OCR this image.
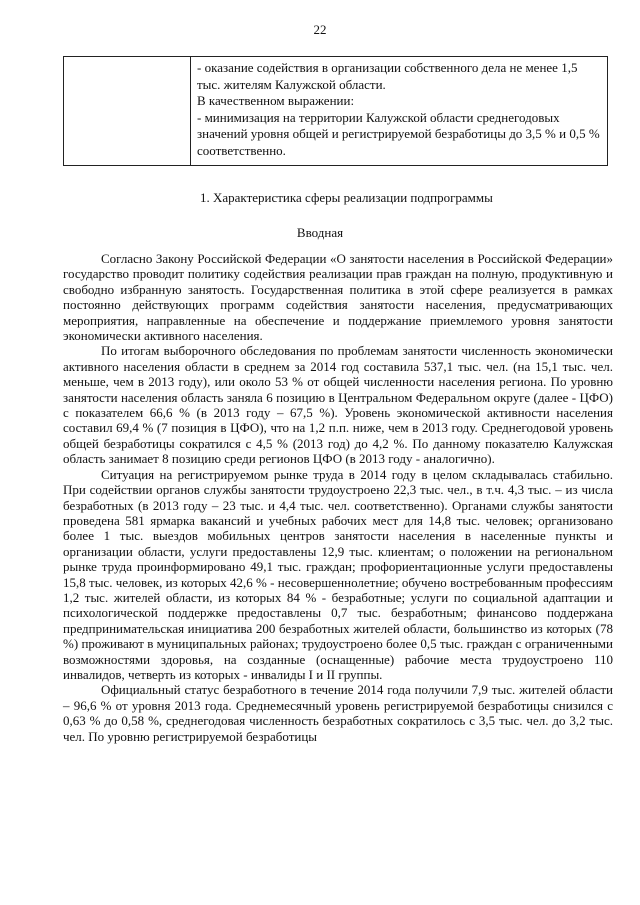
22

- оказание содействия в организации собственного дела не менее 1,5 тыс. жителям Калужской области.
В качественном выражении:
- минимизация на территории Калужской области среднегодовых значений уровня общей и регистрируемой безработицы до 3,5 % и 0,5 % соответственно.
1. Характеристика сферы реализации подпрограммы
Вводная

Согласно Закону Российской Федерации «О занятости населения в Российской Федерации» государство проводит политику содействия реализации прав граждан на полную, продуктивную и свободно избранную занятость. Государственная политика в этой сфере реализуется в рамках постоянно действующих программ содействия занятости населения, предусматривающих мероприятия, направленные на обеспечение и поддержание приемлемого уровня занятости экономически активного населения.

По итогам выборочного обследования по проблемам занятости численность экономически активного населения области в среднем за 2014 год составила 537,1 тыс. чел. (на 15,1 тыс. чел. меньше, чем в 2013 году), или около 53 % от общей численности населения региона. По уровню занятости населения область заняла 6 позицию в Центральном Федеральном округе (далее - ЦФО) с показателем 66,6 % (в 2013 году – 67,5 %). Уровень экономической активности населения составил 69,4 % (7 позиция в ЦФО), что на 1,2 п.п. ниже, чем в 2013 году. Среднегодовой уровень общей безработицы сократился с 4,5 % (2013 год) до 4,2 %. По данному показателю Калужская область занимает 8 позицию среди регионов ЦФО (в 2013 году - аналогично).

Ситуация на регистрируемом рынке труда в 2014 году в целом складывалась стабильно. При содействии органов службы занятости трудоустроено 22,3 тыс. чел., в т.ч. 4,3 тыс. – из числа безработных (в 2013 году – 23 тыс. и 4,4 тыс. чел. соответственно). Органами службы занятости проведена 581 ярмарка вакансий и учебных рабочих мест для 14,8 тыс. человек; организовано более 1 тыс. выездов мобильных центров занятости населения в населенные пункты и организации области, услуги предоставлены 12,9 тыс. клиентам; о положении на региональном рынке труда проинформировано 49,1 тыс. граждан; профориентационные услуги предоставлены 15,8 тыс. человек, из которых 42,6 % - несовершеннолетние; обучено востребованным профессиям 1,2 тыс. жителей области, из которых 84 % - безработные; услуги по социальной адаптации и психологической поддержке предоставлены 0,7 тыс. безработным; финансово поддержана предпринимательская инициатива 200 безработных жителей области, большинство из которых (78 %) проживают в муниципальных районах; трудоустроено более 0,5 тыс. граждан с ограниченными возможностями здоровья, на созданные (оснащенные) рабочие места трудоустроено 110 инвалидов, четверть из которых - инвалиды I и II группы.

Официальный статус безработного в течение 2014 года получили 7,9 тыс. жителей области – 96,6 % от уровня 2013 года. Среднемесячный уровень регистрируемой безработицы снизился с 0,63 % до 0,58 %, среднегодовая численность безработных сократилось с 3,5 тыс. чел. до 3,2 тыс. чел. По уровню регистрируемой безработицы
